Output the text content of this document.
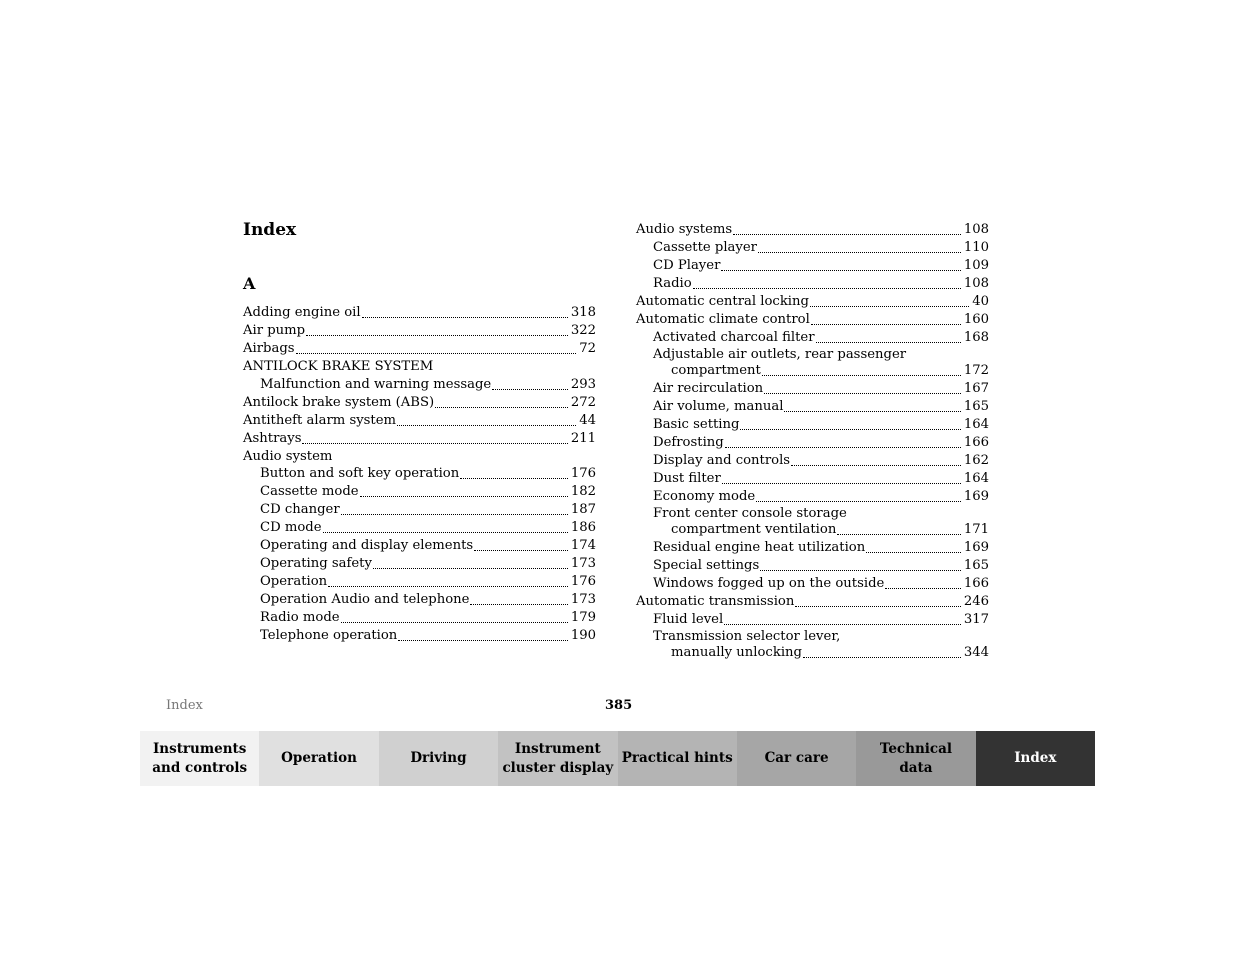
Index
A
Adding engine oil	318
Air pump	322
Airbags	72
ANTILOCK BRAKE SYSTEM
Malfunction and warning message	293
Antilock brake system (ABS)	272
Antitheft alarm system	44
Ashtrays	211
Audio system
Button and soft key operation	176
Cassette mode	182
CD changer	187
CD mode	186
Operating and display elements	174
Operating safety	173
Operation	176
Operation Audio and telephone	173
Radio mode	179
Telephone operation	190
Audio systems	108
Cassette player	110
CD Player	109
Radio	108
Automatic central locking	40
Automatic climate control	160
Activated charcoal filter	168
Adjustable air outlets, rear passenger
compartment	172
Air recirculation	167
Air volume, manual	165
Basic setting	164
Defrosting	166
Display and controls	162
Dust filter	164
Economy mode	169
Front center console storage
compartment ventilation	171
Residual engine heat utilization	169
Special settings	165
Windows fogged up on the outside	166
Automatic transmission	246
Fluid level	317
Transmission selector lever,
manually unlocking	344
Index	385
Instruments
and controls
Operation	Driving
Instrument
cluster display
Practical hints	Car care
Technical
data
Index
